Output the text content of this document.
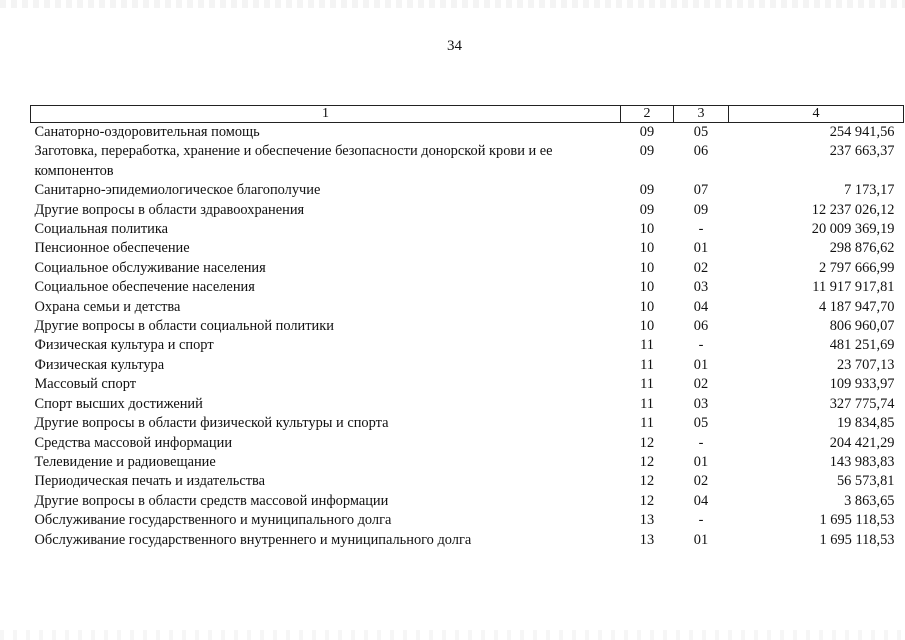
34
1	2	3	4
Санаторно-оздоровительная помощь	09	05	254 941,56
Заготовка, переработка, хранение и обеспечение безопасности донорской крови и ее компонентов	09	06	237 663,37
Санитарно-эпидемиологическое благополучие	09	07	7 173,17
Другие вопросы в области здравоохранения	09	09	12 237 026,12
Социальная политика	10	-	20 009 369,19
Пенсионное обеспечение	10	01	298 876,62
Социальное обслуживание населения	10	02	2 797 666,99
Социальное обеспечение населения	10	03	11 917 917,81
Охрана семьи и детства	10	04	4 187 947,70
Другие вопросы в области социальной политики	10	06	806 960,07
Физическая культура и спорт	11	-	481 251,69
Физическая культура	11	01	23 707,13
Массовый спорт	11	02	109 933,97
Спорт высших достижений	11	03	327 775,74
Другие вопросы в области физической культуры и спорта	11	05	19 834,85
Средства массовой информации	12	-	204 421,29
Телевидение и радиовещание	12	01	143 983,83
Периодическая печать и издательства	12	02	56 573,81
Другие вопросы в области средств массовой информации	12	04	3 863,65
Обслуживание государственного и муниципального долга	13	-	1 695 118,53
Обслуживание государственного внутреннего и муниципального долга	13	01	1 695 118,53
